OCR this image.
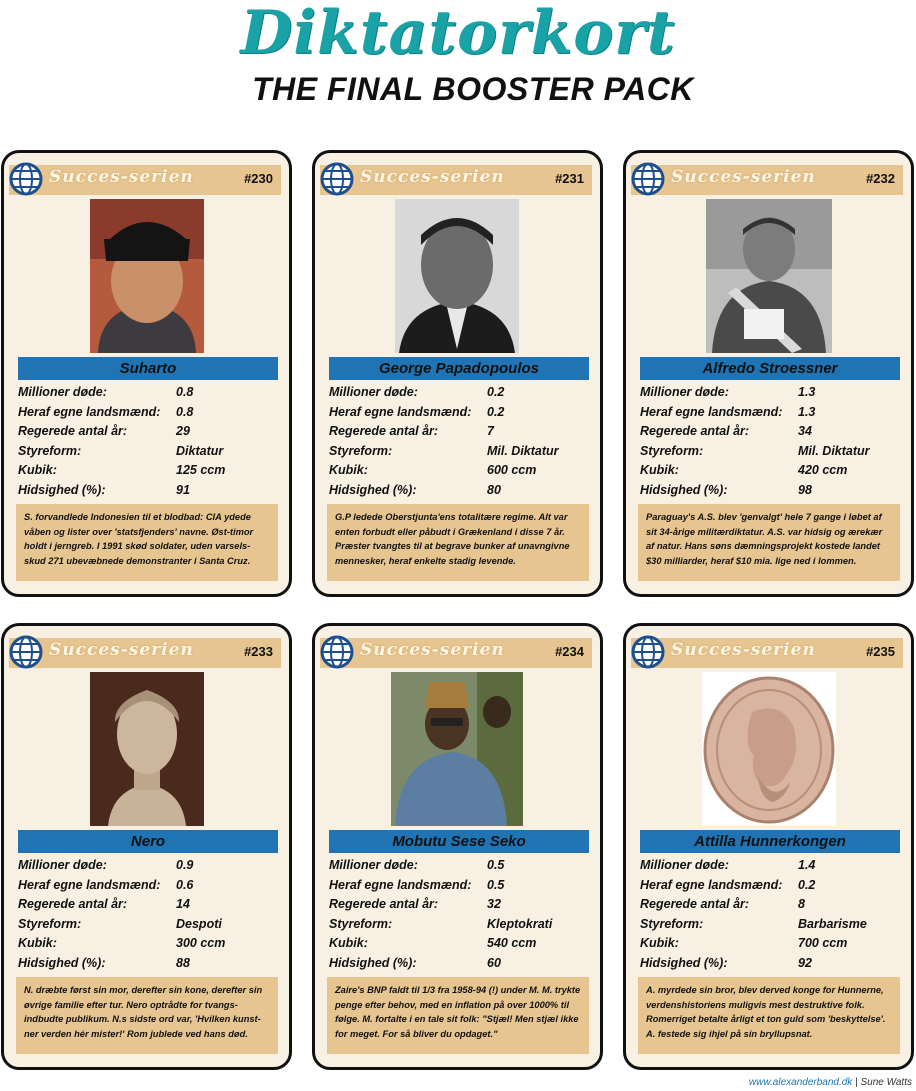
Diktatorkort
THE FINAL BOOSTER PACK
Succes-serien	#230
Suharto
Millioner døde:	0.8
Heraf egne landsmænd: 0.8
Regerede antal år:	29
Styreform:	Diktatur
Kubik:	125 ccm
Hidsighed (%):	91
S. forvandlede Indonesien til et blodbad: CIA ydede våben og lister over 'statsfjenders' navne. Øst-timor holdt i jerngreb. I 1991 skød soldater, uden varsels-skud 271 ubevæbnede demonstranter i Santa Cruz.
Succes-serien	#231
George Papadopoulos
Millioner døde:	0.2
Heraf egne landsmænd: 0.2
Regerede antal år:	7
Styreform:	Mil. Diktatur
Kubik:	600 ccm
Hidsighed (%):	80
G.P ledede Oberstjunta'ens totalitære regime. Alt var enten forbudt eller påbudt i Grækenland i disse 7 år. Præster tvangtes til at begrave bunker af unavngivne mennesker, heraf enkelte stadig levende.
Succes-serien	#232
Alfredo Stroessner
Millioner døde:	1.3
Heraf egne landsmænd: 1.3
Regerede antal år:	34
Styreform:	Mil. Diktatur
Kubik:	420 ccm
Hidsighed (%):	98
Paraguay's A.S. blev 'genvalgt' hele 7 gange i løbet af sit 34-årige militærdiktatur. A.S. var hidsig og ærekær af natur. Hans søns dæmningsprojekt kostede landet $30 milliarder, heraf $10 mia. lige ned i lommen.
Succes-serien	#233
Nero
Millioner døde:	0.9
Heraf egne landsmænd: 0.6
Regerede antal år:	14
Styreform:	Despoti
Kubik:	300 ccm
Hidsighed (%):	88
N. dræbte først sin mor, derefter sin kone, derefter sin øvrige familie efter tur. Nero optrådte for tvangs-indbudte publikum. N.s sidste ord var, 'Hvilken kunst-ner verden hér mister!' Rom jublede ved hans død.
Succes-serien	#234
Mobutu Sese Seko
Millioner døde:	0.5
Heraf egne landsmænd: 0.5
Regerede antal år:	32
Styreform:	Kleptokrati
Kubik:	540 ccm
Hidsighed (%):	60
Zaire's BNP faldt til 1/3 fra 1958-94 (!) under M. M. trykte penge efter behov, med en inflation på over 1000% til følge. M. fortalte i en tale sit folk: "Stjæl! Men stjæl ikke for meget. For så bliver du opdaget."
Succes-serien	#235
Attilla Hunnerkongen
Millioner døde:	1.4
Heraf egne landsmænd: 0.2
Regerede antal år:	8
Styreform:	Barbarisme
Kubik:	700 ccm
Hidsighed (%):	92
A. myrdede sin bror, blev derved konge for Hunnerne, verdenshistoriens muligvis mest destruktive folk. Romerriget betalte årligt et ton guld som 'beskyttelse'. A. festede sig ihjel på sin bryllupsnat.
www.alexanderband.dk | Sune Watts
